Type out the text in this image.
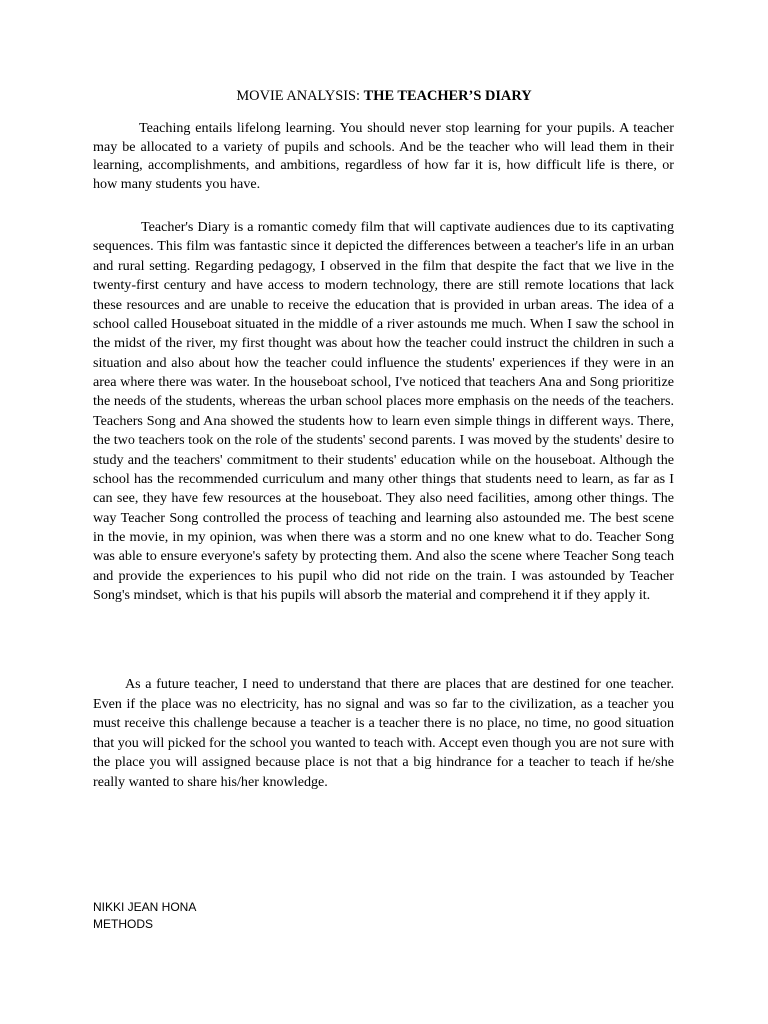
MOVIE ANALYSIS: THE TEACHER’S DIARY

Teaching entails lifelong learning. You should never stop learning for your pupils. A teacher may be allocated to a variety of pupils and schools. And be the teacher who will lead them in their learning, accomplishments, and ambitions, regardless of how far it is, how difficult life is there, or how many students you have.

Teacher's Diary is a romantic comedy film that will captivate audiences due to its captivating sequences. This film was fantastic since it depicted the differences between a teacher's life in an urban and rural setting. Regarding pedagogy, I observed in the film that despite the fact that we live in the twenty-first century and have access to modern technology, there are still remote locations that lack these resources and are unable to receive the education that is provided in urban areas. The idea of a school called Houseboat situated in the middle of a river astounds me much. When I saw the school in the midst of the river, my first thought was about how the teacher could instruct the children in such a situation and also about how the teacher could influence the students' experiences if they were in an area where there was water. In the houseboat school, I've noticed that teachers Ana and Song prioritize the needs of the students, whereas the urban school places more emphasis on the needs of the teachers. Teachers Song and Ana showed the students how to learn even simple things in different ways. There, the two teachers took on the role of the students' second parents. I was moved by the students' desire to study and the teachers' commitment to their students' education while on the houseboat. Although the school has the recommended curriculum and many other things that students need to learn, as far as I can see, they have few resources at the houseboat. They also need facilities, among other things. The way Teacher Song controlled the process of teaching and learning also astounded me. The best scene in the movie, in my opinion, was when there was a storm and no one knew what to do. Teacher Song was able to ensure everyone's safety by protecting them. And also the scene where Teacher Song teach and provide the experiences to his pupil who did not ride on the train. I was astounded by Teacher Song's mindset, which is that his pupils will absorb the material and comprehend it if they apply it.

As a future teacher, I need to understand that there are places that are destined for one teacher. Even if the place was no electricity, has no signal and was so far to the civilization, as a teacher you must receive this challenge because a teacher is a teacher there is no place, no time, no good situation that you will picked for the school you wanted to teach with. Accept even though you are not sure with the place you will assigned because place is not that a big hindrance for a teacher to teach if he/she really wanted to share his/her knowledge.

NIKKI JEAN HONA
METHODS
